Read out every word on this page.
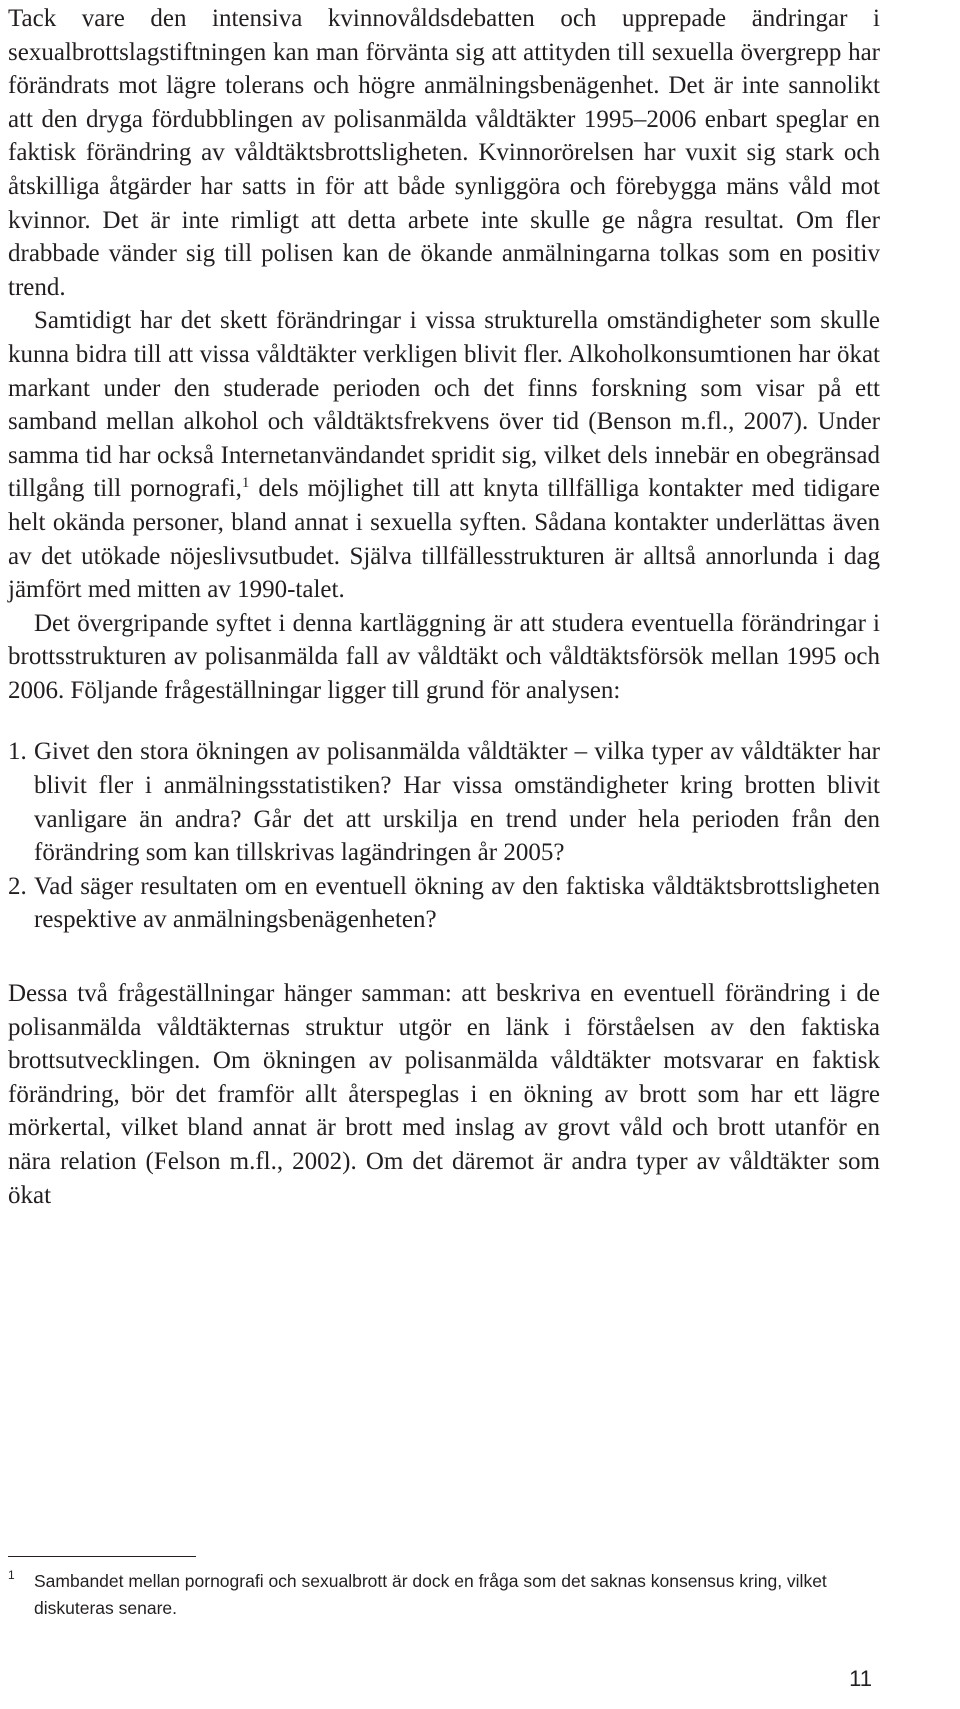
Tack vare den intensiva kvinnovåldsdebatten och upprepade ändringar i sexualbrottslagstiftningen kan man förvänta sig att attityden till sexuella övergrepp har förändrats mot lägre tolerans och högre anmälningsbenägenhet. Det är inte sannolikt att den dryga fördubblingen av polisanmälda våldtäkter 1995–2006 enbart speglar en faktisk förändring av våldtäktsbrottsligheten. Kvinnorörelsen har vuxit sig stark och åtskilliga åtgärder har satts in för att både synliggöra och förebygga mäns våld mot kvinnor. Det är inte rimligt att detta arbete inte skulle ge några resultat. Om fler drabbade vänder sig till polisen kan de ökande anmälningarna tolkas som en positiv trend.

Samtidigt har det skett förändringar i vissa strukturella omständigheter som skulle kunna bidra till att vissa våldtäkter verkligen blivit fler. Alkoholkonsumtionen har ökat markant under den studerade perioden och det finns forskning som visar på ett samband mellan alkohol och våldtäktsfrekvens över tid (Benson m.fl., 2007). Under samma tid har också Internetanvändandet spridit sig, vilket dels innebär en obegränsad tillgång till pornografi,$^1$ dels möjlighet till att knyta tillfälliga kontakter med tidigare helt okända personer, bland annat i sexuella syften. Sådana kontakter underlättas även av det utökade nöjeslivsutbudet. Själva tillfällesstrukturen är alltså annorlunda i dag jämfört med mitten av 1990-talet.

Det övergripande syftet i denna kartläggning är att studera eventuella förändringar i brottsstrukturen av polisanmälda fall av våldtäkt och våldtäktsförsök mellan 1995 och 2006. Följande frågeställningar ligger till grund för analysen:

1. Givet den stora ökningen av polisanmälda våldtäkter – vilka typer av våldtäkter har blivit fler i anmälningsstatistiken? Har vissa omständigheter kring brotten blivit vanligare än andra? Går det att urskilja en trend under hela perioden från den förändring som kan tillskrivas lagändringen år 2005?
2. Vad säger resultaten om en eventuell ökning av den faktiska våldtäktsbrottsligheten respektive av anmälningsbenägenheten?

Dessa två frågeställningar hänger samman: att beskriva en eventuell förändring i de polisanmälda våldtäkternas struktur utgör en länk i förståelsen av den faktiska brottsutvecklingen. Om ökningen av polisanmälda våldtäkter motsvarar en faktisk förändring, bör det framför allt återspeglas i en ökning av brott som har ett lägre mörkertal, vilket bland annat är brott med inslag av grovt våld och brott utanför en nära relation (Felson m.fl., 2002). Om det däremot är andra typer av våldtäkter som ökat

1	Sambandet mellan pornografi och sexualbrott är dock en fråga som det saknas konsensus kring, vilket diskuteras senare.
11
